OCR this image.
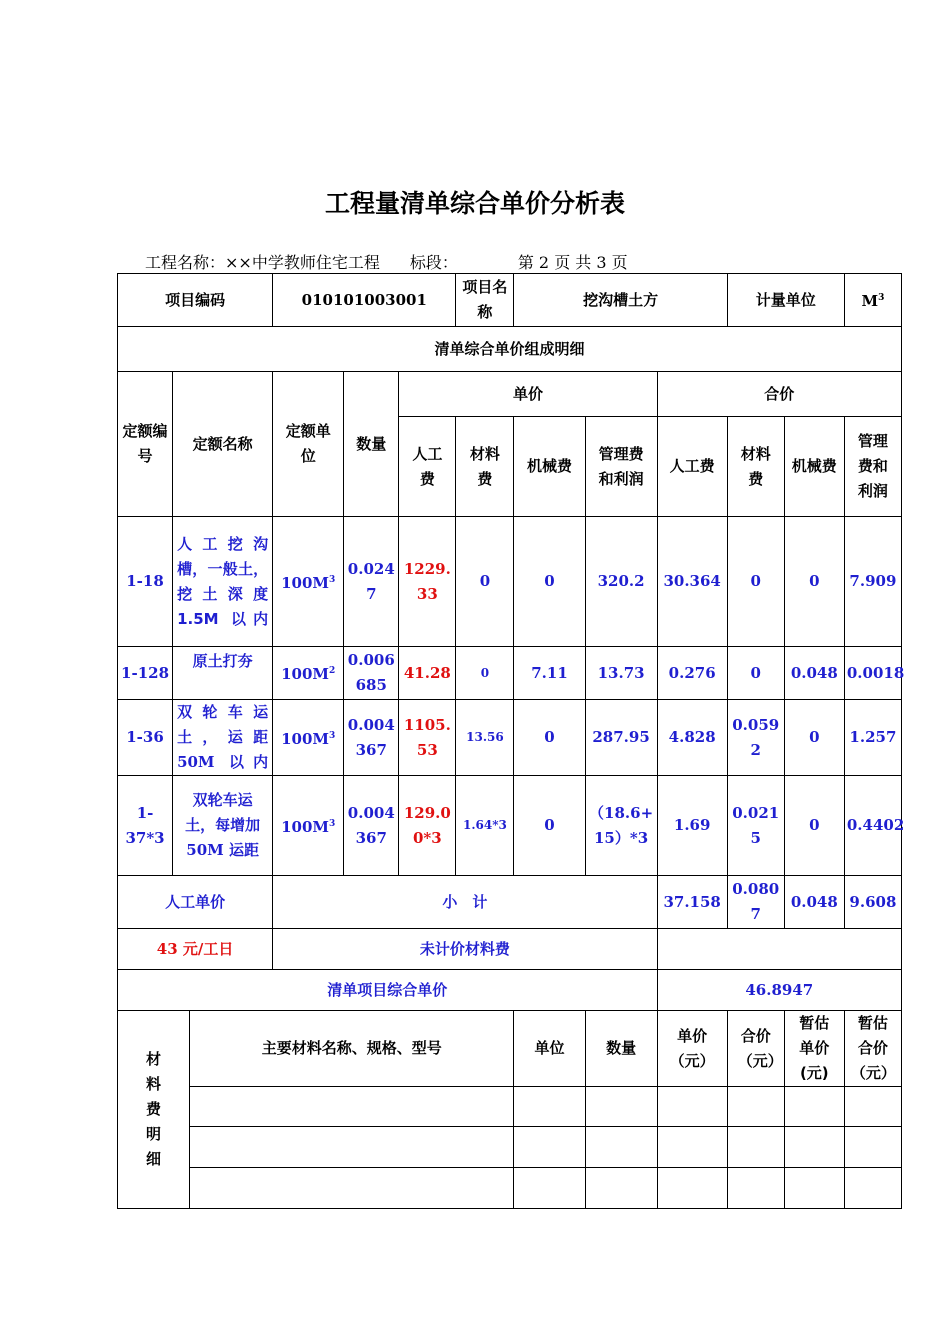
工程量清单综合单价分析表
工程名称：××中学教师住宅工程 标段：	第 2 页 共 3 页
项目编码			010101003001			项目名称	挖沟槽土方			计量单位		$M^3$
清单综合单价组成明细												
定额编号	定额名称		定额单位	数量	单价				合价			
					人工费	材料费	机械费	管理费和利润	人工费	材料费	机械费	管理费和利润
1-18	人 工 挖 沟 槽，一般土，挖 土 深 度 1.5M 以内		$100M^3$	0.0247	1229.33	0	0	320.2	30.364	0	0	7.909
1-128	原土打夯		$100M^2$	0.006685	41.28	0	7.11	13.73	0.276	0	0.048	0.0018
1-36	双 轮 车 运 土 ， 运 距 50M 以内		$100M^3$	0.004367	1105.53	13.56	0	287.95	4.828	0.0592	0	1.257
1-37*3	双轮车运土，每增加 50M 运距		$100M^3$	0.004367	129.00*3	1.64*3	0	（18.6+15）*3	1.69	0.0215	0	0.4402
人工单价			小　计						37.158	0.0807	0.048	9.608
43 元/工日			未计价材料费									
清单项目综合单价									46.8947			
材料费明细		主要材料名称、规格、型号					单位	数量	单价（元）	合价（元）	暂估单价(元)	暂估合价（元）
